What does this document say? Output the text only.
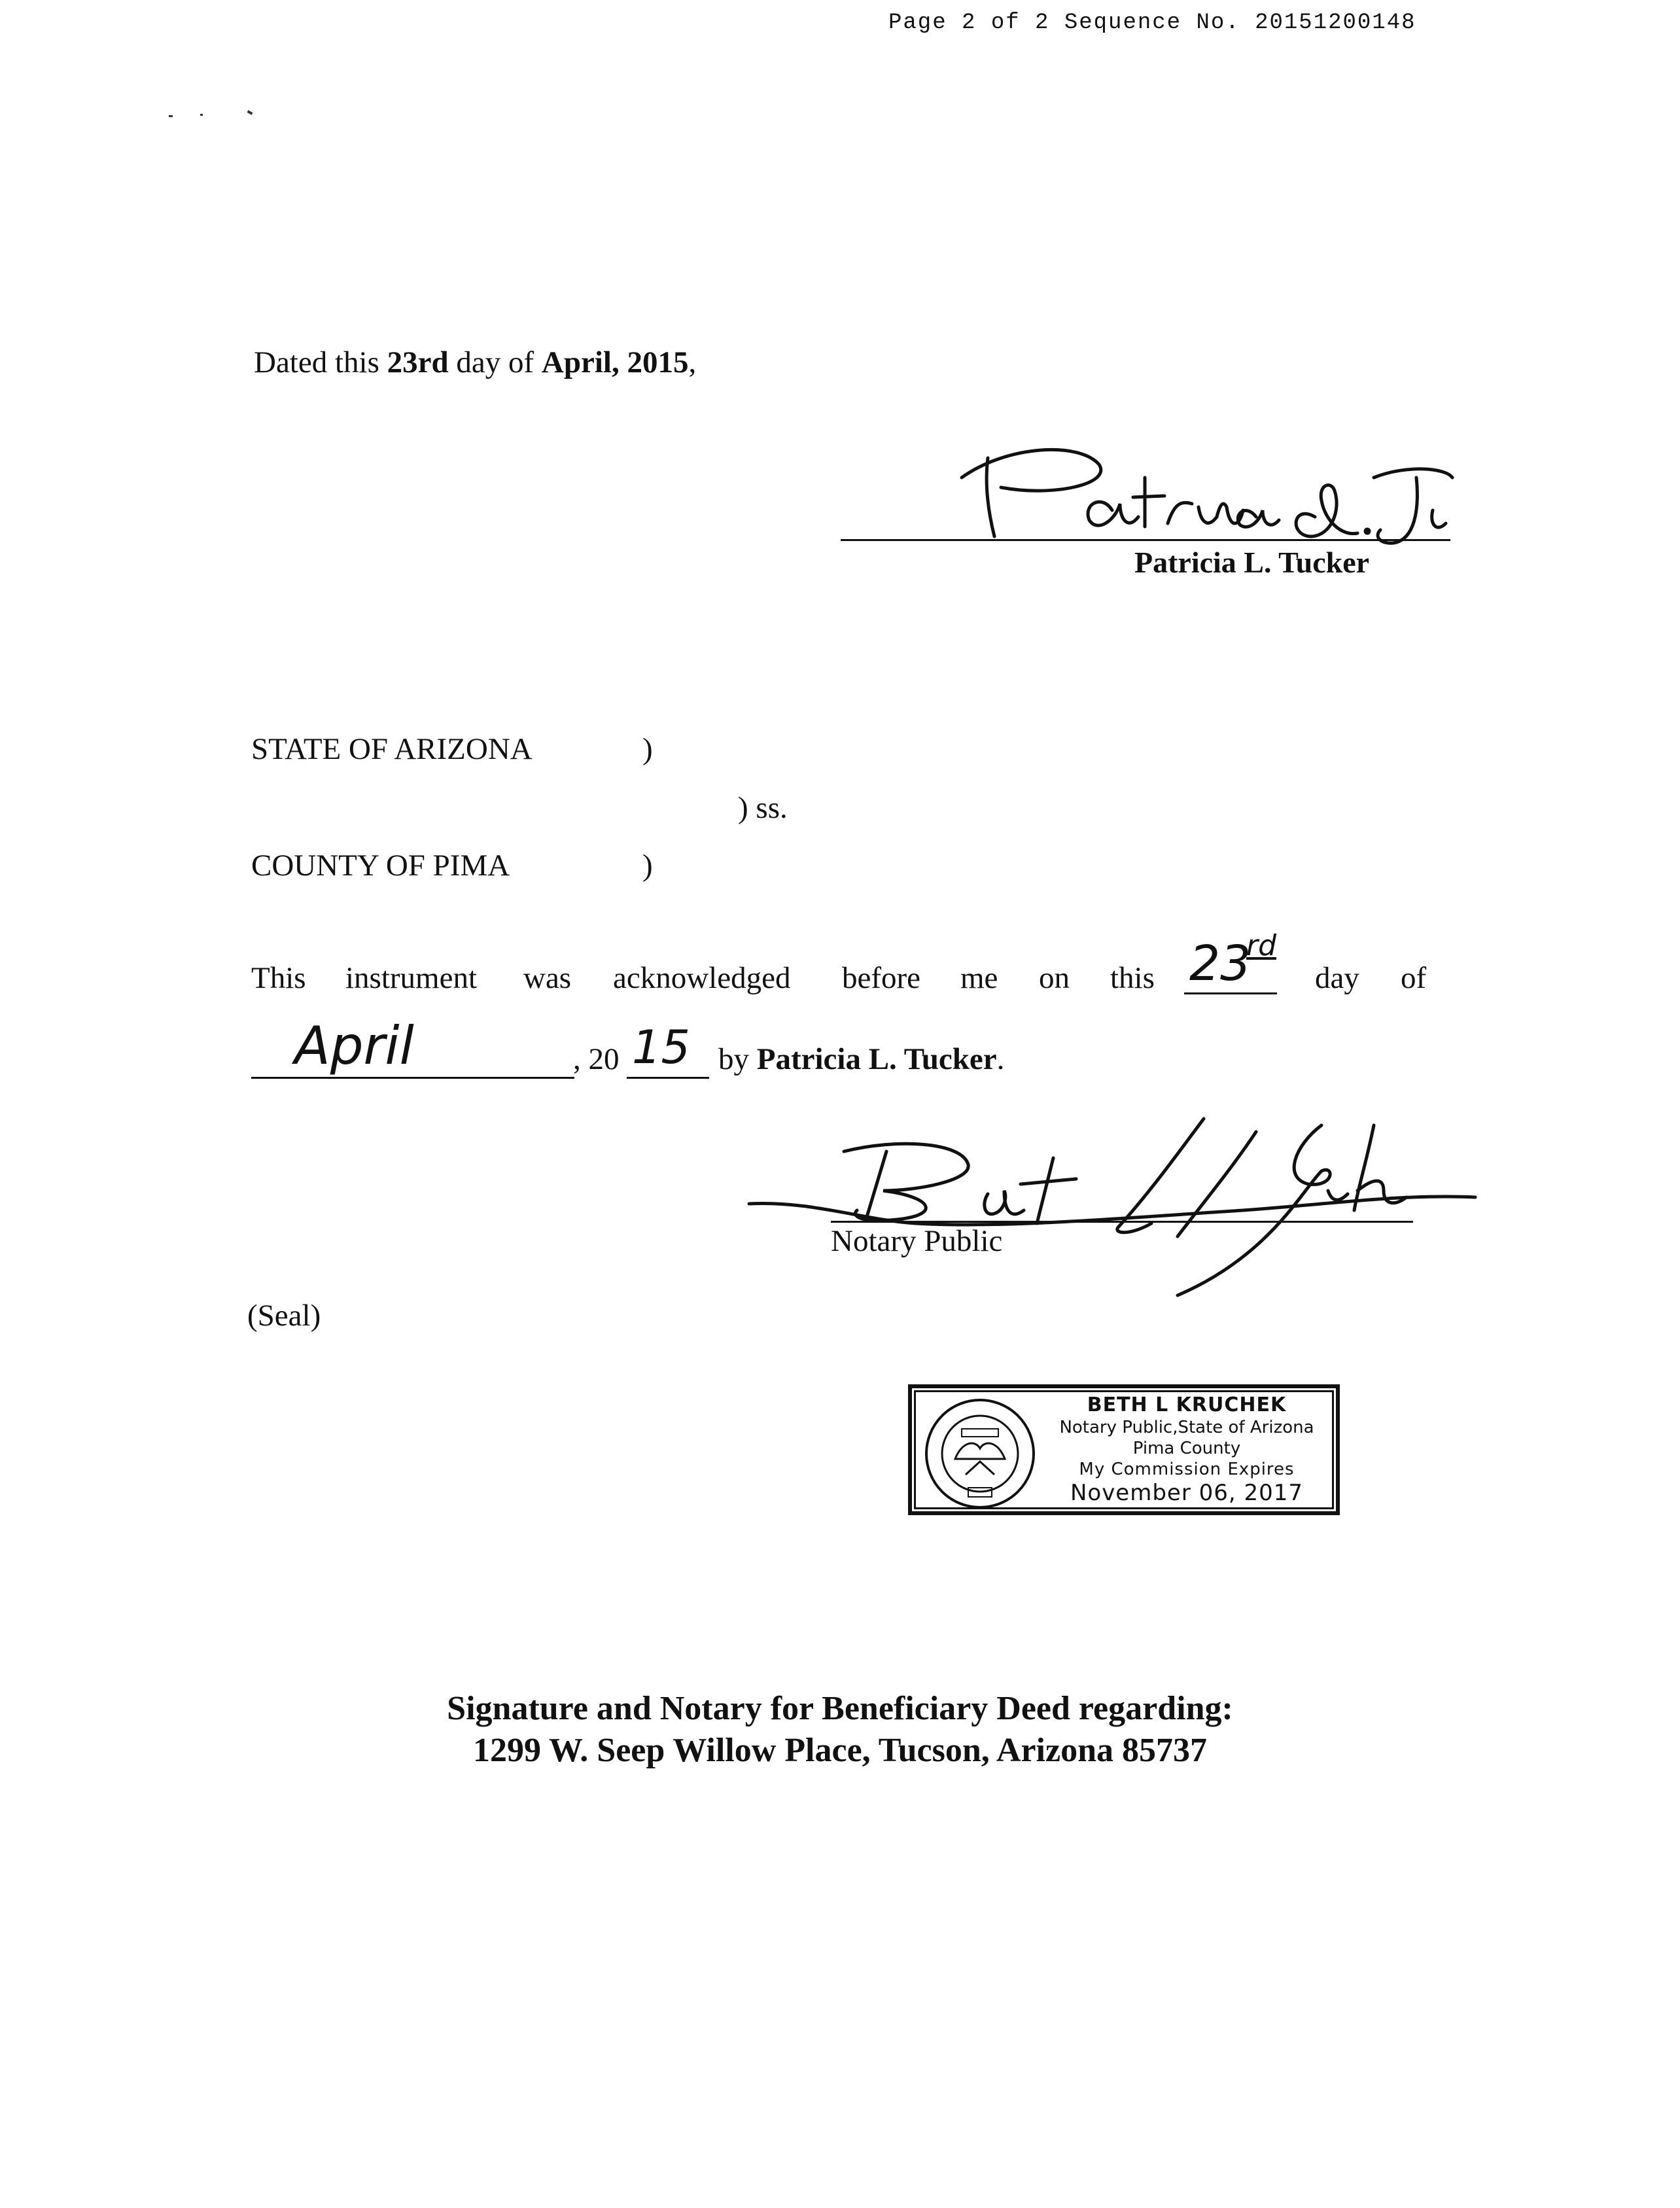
Page 2 of 2 Sequence No. 20151200148
Dated this 23rd day of April, 2015,
Patricia L. Tucker
STATE OF ARIZONA	)
) ss.
COUNTY OF PIMA	)
This instrument was acknowledged before me on this 23
rd
day of
April	, 20 15 by Patricia L. Tucker.
Notary Public
(Seal)
BETH L KRUCHEK
Notary Public,State of Arizona
Pima County
My Commission Expires
November 06, 2017
Signature and Notary for Beneficiary Deed regarding:
1299 W. Seep Willow Place, Tucson, Arizona 85737
